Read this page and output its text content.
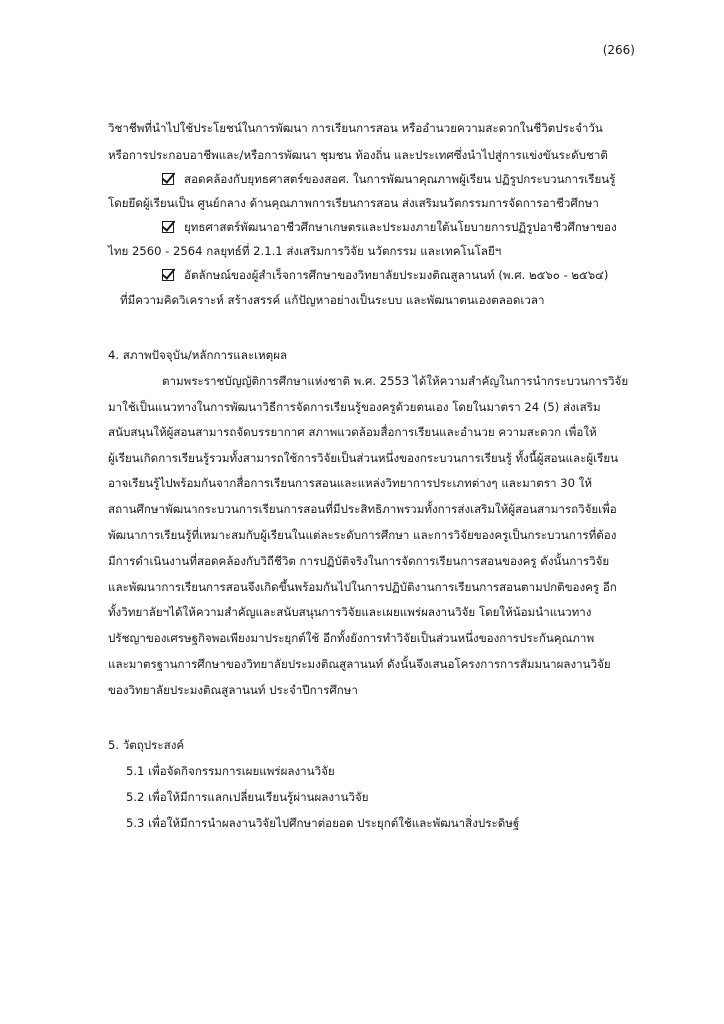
(266)
วิชาชีพที่นำไปใช้ประโยชน์ในการพัฒนา การเรียนการสอน หรืออำนวยความสะดวกในชีวิตประจำวัน
หรือการประกอบอาชีพและ/หรือการพัฒนา ชุมชน ท้องถิ่น และประเทศซึ่งนำไปสู่การแข่งขันระดับชาติ
สอดคล้องกับยุทธศาสตร์ของสอศ. ในการพัฒนาคุณภาพผู้เรียน ปฏิรูปกระบวนการเรียนรู้
โดยยึดผู้เรียนเป็น ศูนย์กลาง ด้านคุณภาพการเรียนการสอน ส่งเสริมนวัตกรรมการจัดการอาชีวศึกษา
ยุทธศาสตร์พัฒนาอาชีวศึกษาเกษตรและประมงภายใต้นโยบายการปฏิรูปอาชีวศึกษาของ
ไทย 2560 - 2564 กลยุทธ์ที่ 2.1.1 ส่งเสริมการวิจัย นวัตกรรม และเทคโนโลยีฯ
อัตลักษณ์ของผู้สำเร็จการศึกษาของวิทยาลัยประมงติณสูลานนท์ (พ.ศ. ๒๕๖๐ - ๒๕๖๔)
ที่มีความคิดวิเคราะห์ สร้างสรรค์ แก้ปัญหาอย่างเป็นระบบ และพัฒนาตนเองตลอดเวลา
4. สภาพปัจจุบัน/หลักการและเหตุผล
ตามพระราชบัญญัติการศึกษาแห่งชาติ พ.ศ. 2553 ได้ให้ความสำคัญในการนำกระบวนการวิจัย
มาใช้เป็นแนวทางในการพัฒนาวิธีการจัดการเรียนรู้ของครูด้วยตนเอง โดยในมาตรา 24 (5) ส่งเสริม
สนับสนุนให้ผู้สอนสามารถจัดบรรยากาศ สภาพแวดล้อมสื่อการเรียนและอำนวย ความสะดวก เพื่อให้
ผู้เรียนเกิดการเรียนรู้รวมทั้งสามารถใช้การวิจัยเป็นส่วนหนึ่งของกระบวนการเรียนรู้ ทั้งนี้ผู้สอนและผู้เรียน
อาจเรียนรู้ไปพร้อมกันจากสื่อการเรียนการสอนและแหล่งวิทยาการประเภทต่างๆ และมาตรา 30 ให้
สถานศึกษาพัฒนากระบวนการเรียนการสอนที่มีประสิทธิภาพรวมทั้งการส่งเสริมให้ผู้สอนสามารถวิจัยเพื่อ
พัฒนาการเรียนรู้ที่เหมาะสมกับผู้เรียนในแต่ละระดับการศึกษา และการวิจัยของครูเป็นกระบวนการที่ต้อง
มีการดำเนินงานที่สอดคล้องกับวิถีชีวิต การปฏิบัติจริงในการจัดการเรียนการสอนของครู ดังนั้นการวิจัย
และพัฒนาการเรียนการสอนจึงเกิดขึ้นพร้อมกันไปในการปฏิบัติงานการเรียนการสอนตามปกติของครู อีก
ทั้งวิทยาลัยฯได้ให้ความสำคัญและสนับสนุนการวิจัยและเผยแพร่ผลงานวิจัย โดยให้น้อมนำแนวทาง
ปรัชญาของเศรษฐกิจพอเพียงมาประยุกต์ใช้ อีกทั้งยังการทำวิจัยเป็นส่วนหนึ่งของการประกันคุณภาพ
และมาตรฐานการศึกษาของวิทยาลัยประมงติณสูลานนท์ ดังนั้นจึงเสนอโครงการการสัมมนาผลงานวิจัย
ของวิทยาลัยประมงติณสูลานนท์ ประจำปีการศึกษา
5. วัตถุประสงค์
5.1 เพื่อจัดกิจกรรมการเผยแพร่ผลงานวิจัย
5.2 เพื่อให้มีการแลกเปลี่ยนเรียนรู้ผ่านผลงานวิจัย
5.3 เพื่อให้มีการนำผลงานวิจัยไปศึกษาต่อยอด ประยุกต์ใช้และพัฒนาสิ่งประดิษฐ์
